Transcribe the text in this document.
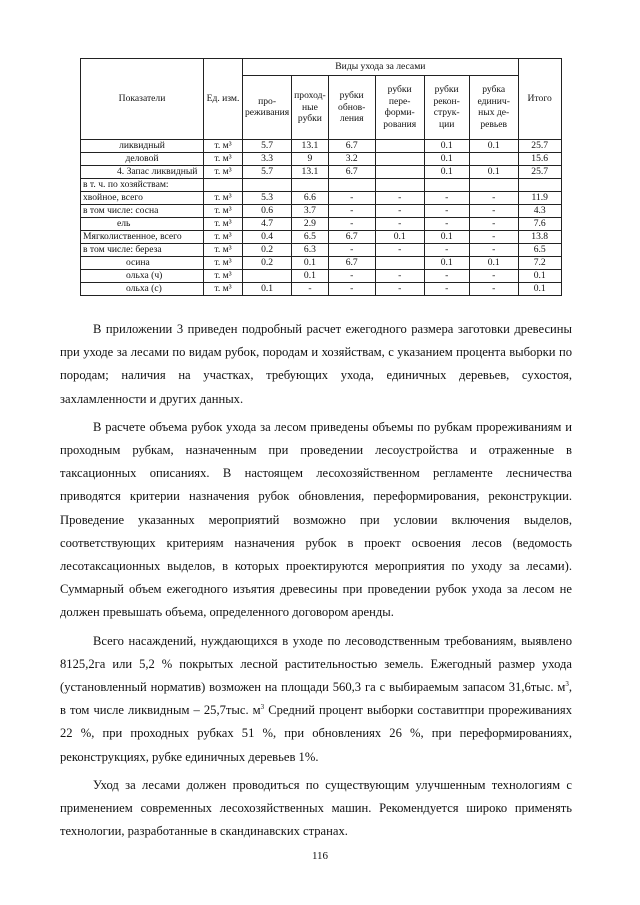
Показатели	Ед. изм.	Виды ухода за лесами						Итого
		про-реживания	проход-ные рубки	рубки обнов-ления	рубки пере-форми-рования	рубки рекон-струк-ции	рубка единич-ных де-ревьев	
ликвидный	т. м³	5.7	13.1	6.7		0.1	0.1	25.7
деловой	т. м³	3.3	9	3.2		0.1		15.6
4. Запас ликвидный	т. м³	5.7	13.1	6.7		0.1	0.1	25.7
в т. ч. по хозяйствам:								
хвойное, всего	т. м³	5.3	6.6	-	-	-	-	11.9
в том числе: сосна	т. м³	0.6	3.7	-	-	-	-	4.3
ель	т. м³	4.7	2.9	-	-	-	-	7.6
Мягколиственное, всего	т. м³	0.4	6.5	6.7	0.1	0.1	-	13.8
в том числе: береза	т. м³	0.2	6.3	-	-	-	-	6.5
осина	т. м³	0.2	0.1	6.7		0.1	0.1	7.2
ольха (ч)	т. м³		0.1	-	-	-	-	0.1
ольха (с)	т. м³	0.1	-	-	-	-	-	0.1

В приложении 3 приведен подробный расчет ежегодного размера заготовки древесины при уходе за лесами по видам рубок, породам и хозяйствам, с указанием процента выборки по породам; наличия на участках, требующих ухода, единичных деревьев, сухостоя, захламленности и других данных.

В расчете объема рубок ухода за лесом приведены объемы по рубкам прореживаниям и проходным рубкам, назначенным при проведении лесоустройства и отраженные в таксационных описаниях. В настоящем лесохозяйственном регламенте лесничества приводятся критерии назначения рубок обновления, переформирования, реконструкции. Проведение указанных мероприятий возможно при условии включения выделов, соответствующих критериям назначения рубок в проект освоения лесов (ведомость лесотаксационных выделов, в которых проектируются мероприятия по уходу за лесами). Суммарный объем ежегодного изъятия древесины при проведении рубок ухода за лесом не должен превышать объема, определенного договором аренды.

Всего насаждений, нуждающихся в уходе по лесоводственным требованиям, выявлено 8125,2га или 5,2 % покрытых лесной растительностью земель. Ежегодный размер ухода (установленный норматив) возможен на площади 560,3 га с выбираемым запасом 31,6тыс. $м^3$, в том числе ликвидным – 25,7тыс. $м^3$ Средний процент выборки составитпри прореживаниях 22 %, при проходных рубках 51 %, при обновлениях 26 %, при переформированиях, реконструкциях, рубке единичных деревьев 1%.

Уход за лесами должен проводиться по существующим улучшенным технологиям с применением современных лесохозяйственных машин. Рекомендуется широко применять технологии, разработанные в скандинавских странах.

116
